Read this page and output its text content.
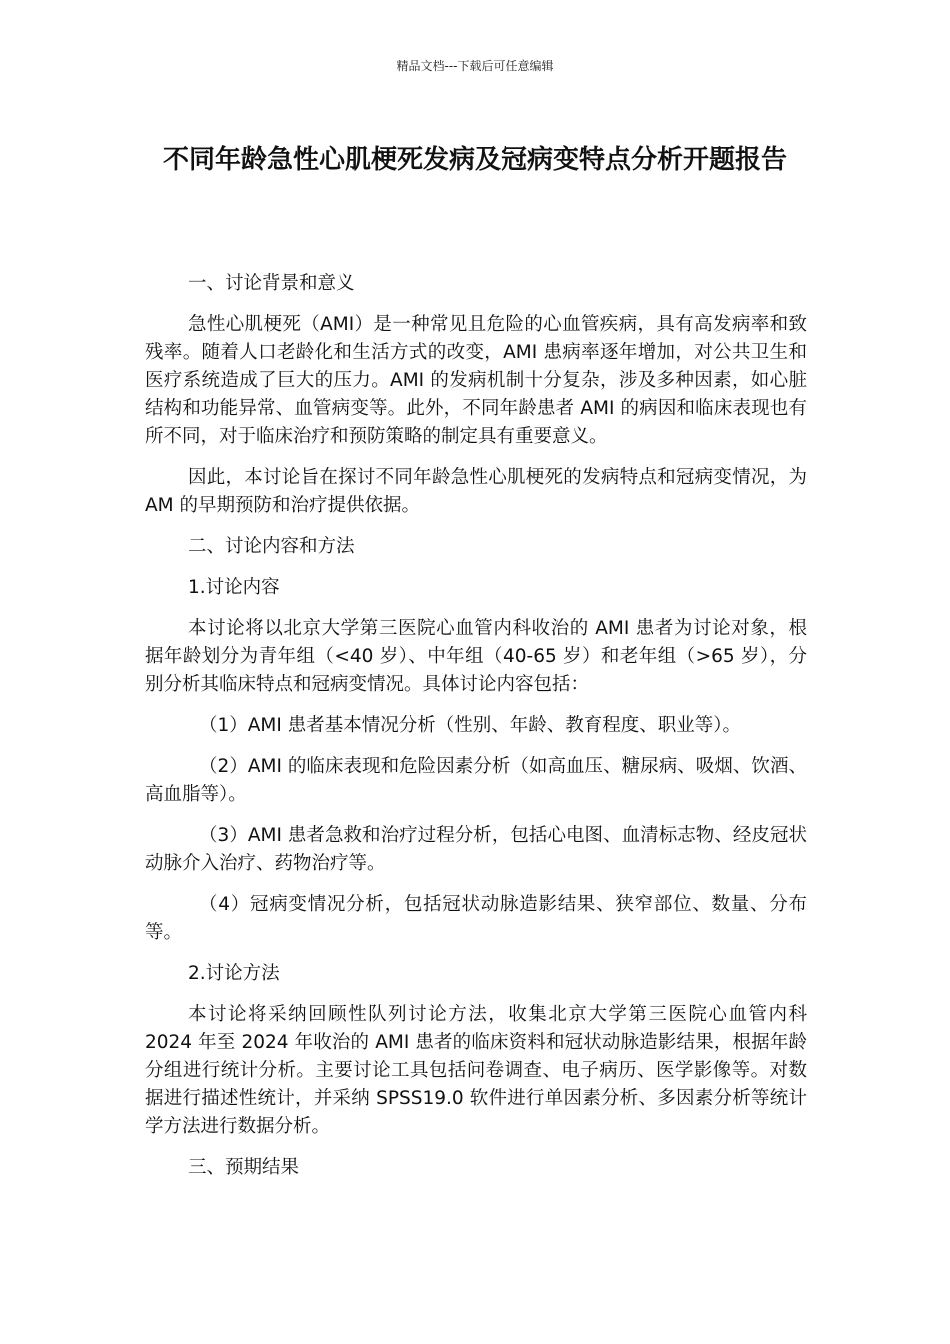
精品文档---下载后可任意编辑
不同年龄急性心肌梗死发病及冠病变特点分析开题报告

一、讨论背景和意义

急性心肌梗死（AMI）是一种常见且危险的心血管疾病，具有高发病率和致残率。随着人口老龄化和生活方式的改变，AMI 患病率逐年增加，对公共卫生和医疗系统造成了巨大的压力。AMI 的发病机制十分复杂，涉及多种因素，如心脏结构和功能异常、血管病变等。此外，不同年龄患者 AMI 的病因和临床表现也有所不同，对于临床治疗和预防策略的制定具有重要意义。

因此，本讨论旨在探讨不同年龄急性心肌梗死的发病特点和冠病变情况，为 AM 的早期预防和治疗提供依据。

二、讨论内容和方法

1.讨论内容

本讨论将以北京大学第三医院心血管内科收治的 AMI 患者为讨论对象，根据年龄划分为青年组（<40 岁）、中年组（40-65 岁）和老年组（>65 岁），分别分析其临床特点和冠病变情况。具体讨论内容包括：

（1）AMI 患者基本情况分析（性别、年龄、教育程度、职业等）。

（2）AMI 的临床表现和危险因素分析（如高血压、糖尿病、吸烟、饮酒、高血脂等）。

（3）AMI 患者急救和治疗过程分析，包括心电图、血清标志物、经皮冠状动脉介入治疗、药物治疗等。

（4）冠病变情况分析，包括冠状动脉造影结果、狭窄部位、数量、分布等。

2.讨论方法

本讨论将采纳回顾性队列讨论方法，收集北京大学第三医院心血管内科 2024 年至 2024 年收治的 AMI 患者的临床资料和冠状动脉造影结果，根据年龄分组进行统计分析。主要讨论工具包括问卷调查、电子病历、医学影像等。对数据进行描述性统计，并采纳 SPSS19.0 软件进行单因素分析、多因素分析等统计学方法进行数据分析。

三、预期结果
